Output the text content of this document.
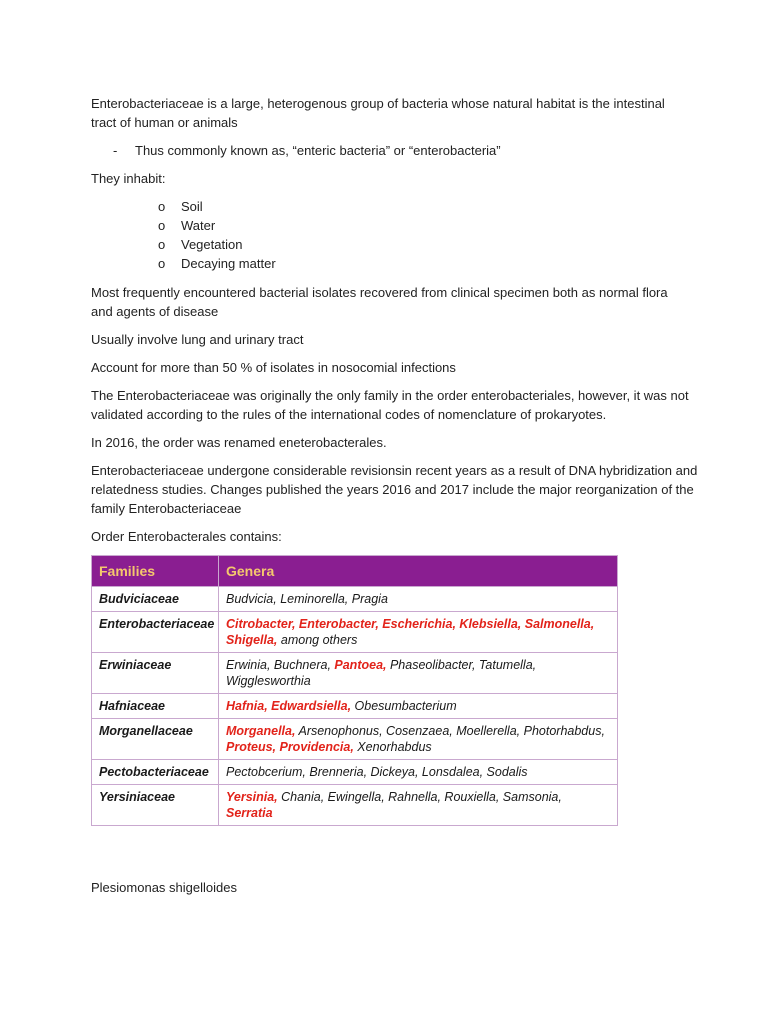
Enterobacteriaceae is a large, heterogenous group of bacteria whose natural habitat is the intestinal

tract of human or animals

- Thus commonly known as, “enteric bacteria” or “enterobacteria”

They inhabit:

o Soil
o Water
o Vegetation
o Decaying matter

Most frequently encountered bacterial isolates recovered from clinical specimen both as normal flora

and agents of disease

Usually involve lung and urinary tract

Account for more than 50 % of isolates in nosocomial infections

The Enterobacteriaceae was originally the only family in the order enterobacteriales, however, it was not

validated according to the rules of the international codes of nomenclature of prokaryotes.

In 2016, the order was renamed eneterobacterales.

Enterobacteriaceae undergone considerable revisionsin recent years as a result of DNA hybridization and

relatedness studies. Changes published the years 2016 and 2017 include the major reorganization of the

family Enterobacteriaceae

Order Enterobacterales contains:

Families	Genera
Budviciaceae	Budvicia, Leminorella, Pragia
Enterobacteriaceae	Citrobacter, Enterobacter, Escherichia, Klebsiella, Salmonella, Shigella, among others
Erwiniaceae	Erwinia, Buchnera, Pantoea, Phaseolibacter, Tatumella, Wigglesworthia
Hafniaceae	Hafnia, Edwardsiella, Obesumbacterium
Morganellaceae	Morganella, Arsenophonus, Cosenzaea, Moellerella, Photorhabdus, Proteus, Providencia, Xenorhabdus
Pectobacteriaceae	Pectobcerium, Brenneria, Dickeya, Lonsdalea, Sodalis
Yersiniaceae	Yersinia, Chania, Ewingella, Rahnella, Rouxiella, Samsonia, Serratia

Plesiomonas shigelloides
